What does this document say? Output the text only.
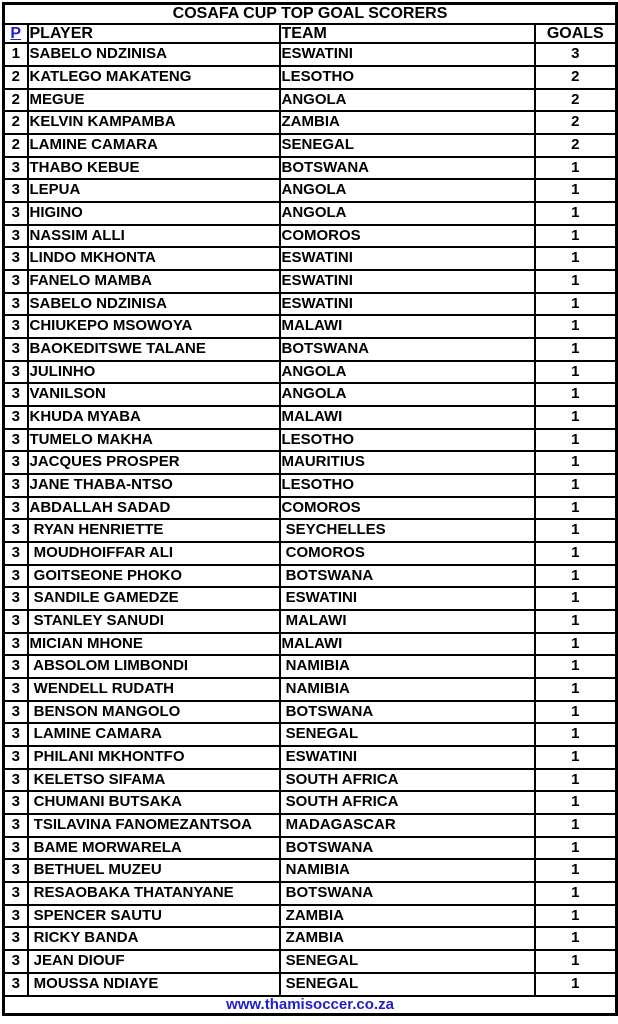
COSAFA CUP TOP GOAL SCORERS			
P	PLAYER	TEAM	GOALS
1	SABELO NDZINISA	ESWATINI	3
2	KATLEGO MAKATENG	LESOTHO	2
2	MEGUE	ANGOLA	2
2	KELVIN KAMPAMBA	ZAMBIA	2
2	LAMINE CAMARA	SENEGAL	2
3	THABO KEBUE	BOTSWANA	1
3	LEPUA	ANGOLA	1
3	HIGINO	ANGOLA	1
3	NASSIM ALLI	COMOROS	1
3	LINDO MKHONTA	ESWATINI	1
3	FANELO MAMBA	ESWATINI	1
3	SABELO NDZINISA	ESWATINI	1
3	CHIUKEPO MSOWOYA	MALAWI	1
3	BAOKEDITSWE TALANE	BOTSWANA	1
3	JULINHO	ANGOLA	1
3	VANILSON	ANGOLA	1
3	KHUDA MYABA	MALAWI	1
3	TUMELO MAKHA	LESOTHO	1
3	JACQUES PROSPER	MAURITIUS	1
3	JANE THABA-NTSO	LESOTHO	1
3	ABDALLAH SADAD	COMOROS	1
3	RYAN HENRIETTE	SEYCHELLES	1
3	MOUDHOIFFAR ALI	COMOROS	1
3	GOITSEONE PHOKO	BOTSWANA	1
3	SANDILE GAMEDZE	ESWATINI	1
3	STANLEY SANUDI	MALAWI	1
3	MICIAN MHONE	MALAWI	1
3	ABSOLOM LIMBONDI	NAMIBIA	1
3	WENDELL RUDATH	NAMIBIA	1
3	BENSON MANGOLO	BOTSWANA	1
3	LAMINE CAMARA	SENEGAL	1
3	PHILANI MKHONTFO	ESWATINI	1
3	KELETSO SIFAMA	SOUTH AFRICA	1
3	CHUMANI BUTSAKA	SOUTH AFRICA	1
3	TSILAVINA FANOMEZANTSOA	MADAGASCAR	1
3	BAME MORWARELA	BOTSWANA	1
3	BETHUEL MUZEU	NAMIBIA	1
3	RESAOBAKA THATANYANE	BOTSWANA	1
3	SPENCER SAUTU	ZAMBIA	1
3	RICKY BANDA	ZAMBIA	1
3	JEAN DIOUF	SENEGAL	1
3	MOUSSA NDIAYE	SENEGAL	1
www.thamisoccer.co.za			
